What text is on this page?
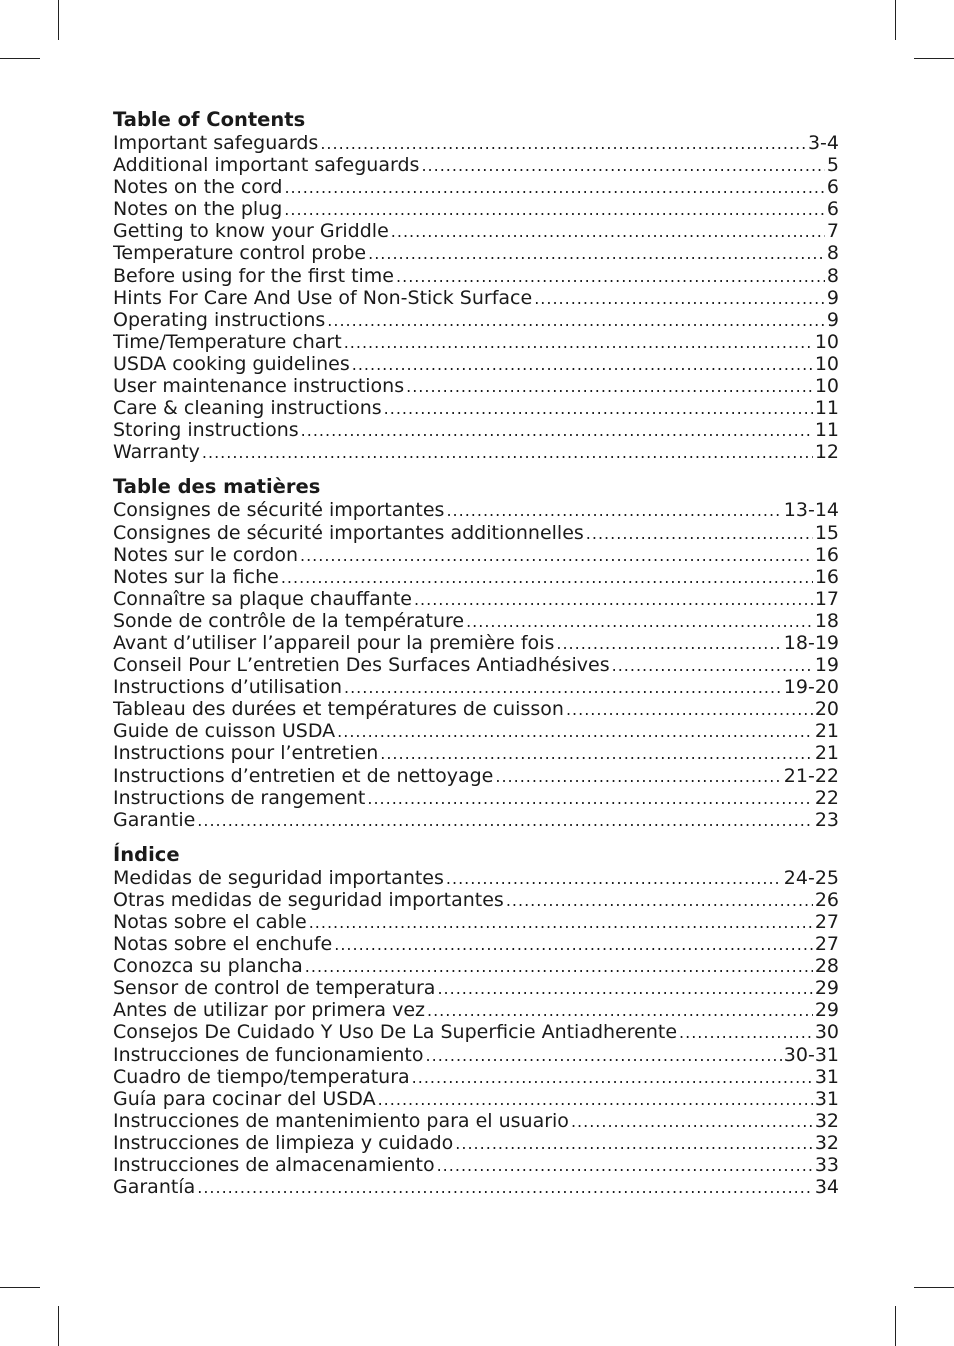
Table of Contents
Important safeguards .....	3-4
Additional important safeguards .....	5
Notes on the cord .....	6
Notes on the plug .....	6
Getting to know your Griddle .....	7
Temperature control probe .....	8
Before using for the first time .....	8
Hints For Care And Use of Non-Stick Surface .....	9
Operating instructions .....	9
Time/Temperature chart .....	10
USDA cooking guidelines .....	10
User maintenance instructions .....	10
Care & cleaning instructions .....	11
Storing instructions .....	11
Warranty .....	12
Table des matières
Consignes de sécurité importantes .....	13-14
Consignes de sécurité importantes additionnelles .....	15
Notes sur le cordon .....	16
Notes sur la fiche .....	16
Connaître sa plaque chauffante .....	17
Sonde de contrôle de la température .....	18
Avant d’utiliser l’appareil pour la première fois .....	18-19
Conseil Pour L’entretien Des Surfaces Antiadhésives .....	19
Instructions d’utilisation .....	19-20
Tableau des durées et températures de cuisson .....	20
Guide de cuisson USDA .....	21
Instructions pour l’entretien .....	21
Instructions d’entretien et de nettoyage .....	21-22
Instructions de rangement .....	22
Garantie .....	23
Índice
Medidas de seguridad importantes .....	24-25
Otras medidas de seguridad importantes .....	26
Notas sobre el cable .....	27
Notas sobre el enchufe .....	27
Conozca su plancha .....	28
Sensor de control de temperatura .....	29
Antes de utilizar por primera vez .....	29
Consejos De Cuidado Y Uso De La Superficie Antiadherente .....	30
Instrucciones de funcionamiento .....	30-31
Cuadro de tiempo/temperatura .....	31
Guía para cocinar del USDA .....	31
Instrucciones de mantenimiento para el usuario .....	32
Instrucciones de limpieza y cuidado .....	32
Instrucciones de almacenamiento .....	33
Garantía .....	34
